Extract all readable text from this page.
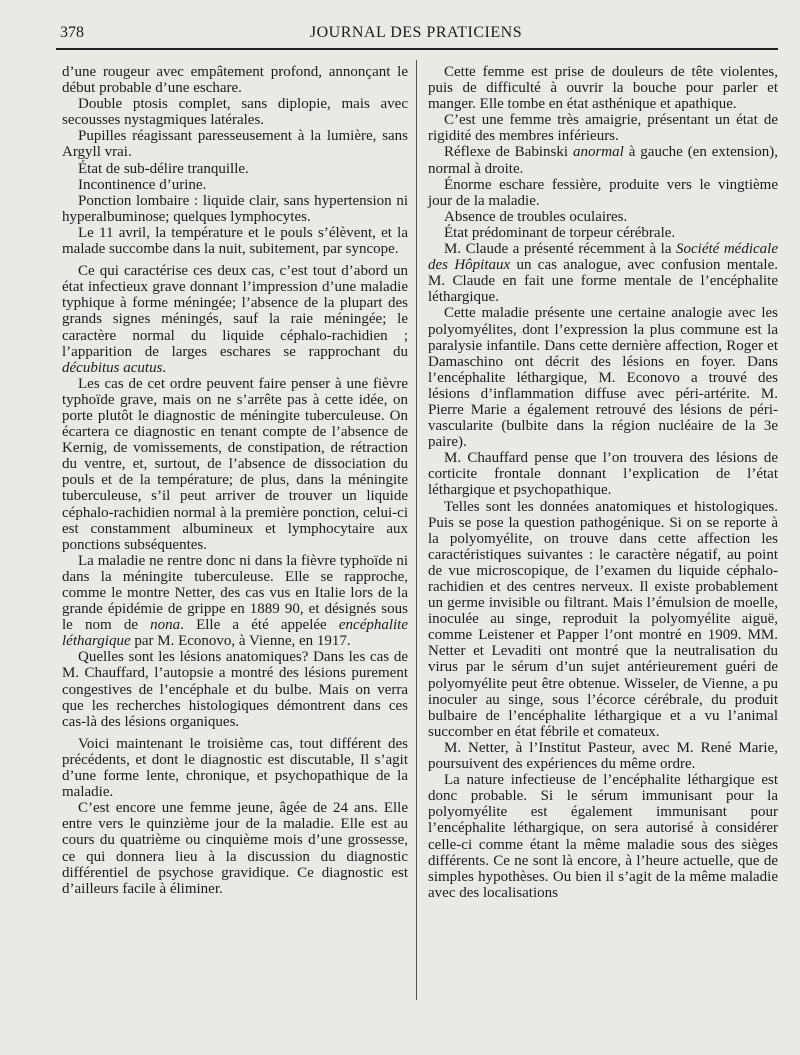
378	JOURNAL DES PRATICIENS

d’une rougeur avec empâtement profond, annonçant le début probable d’une eschare.

Double ptosis complet, sans diplopie, mais avec secousses nystagmiques latérales.

Pupilles réagissant paresseusement à la lumière, sans Argyll vrai.

État de sub-délire tranquille.

Incontinence d’urine.

Ponction lombaire : liquide clair, sans hypertension ni hyperalbuminose; quelques lymphocytes.

Le 11 avril, la température et le pouls s’élèvent, et la malade succombe dans la nuit, subitement, par syncope.

Ce qui caractérise ces deux cas, c’est tout d’abord un état infectieux grave donnant l’impression d’une maladie typhique à forme méningée; l’absence de la plupart des grands signes méningés, sauf la raie méningée; le caractère normal du liquide céphalo-rachidien ; l’apparition de larges eschares se rapprochant du décubitus acutus.

Les cas de cet ordre peuvent faire penser à une fièvre typhoïde grave, mais on ne s’arrête pas à cette idée, on porte plutôt le diagnostic de méningite tuberculeuse. On écartera ce diagnostic en tenant compte de l’absence de Kernig, de vomissements, de constipation, de rétraction du ventre, et, surtout, de l’absence de dissociation du pouls et de la température; de plus, dans la méningite tuberculeuse, s’il peut arriver de trouver un liquide céphalo-rachidien normal à la première ponction, celui-ci est constamment albumineux et lymphocytaire aux ponctions subséquentes.

La maladie ne rentre donc ni dans la fièvre typhoïde ni dans la méningite tuberculeuse. Elle se rapproche, comme le montre Netter, des cas vus en Italie lors de la grande épidémie de grippe en 1889 90, et désignés sous le nom de nona. Elle a été appelée encéphalite léthargique par M. Econovo, à Vienne, en 1917.

Quelles sont les lésions anatomiques? Dans les cas de M. Chauffard, l’autopsie a montré des lésions purement congestives de l’encéphale et du bulbe. Mais on verra que les recherches histologiques démontrent dans ces cas-là des lésions organiques.

Voici maintenant le troisième cas, tout différent des précédents, et dont le diagnostic est discutable, Il s’agit d’une forme lente, chronique, et psychopathique de la maladie.

C’est encore une femme jeune, âgée de 24 ans. Elle entre vers le quinzième jour de la maladie. Elle est au cours du quatrième ou cinquième mois d’une grossesse, ce qui donnera lieu à la discussion du diagnostic différentiel de psychose gravidique. Ce diagnostic est d’ailleurs facile à éliminer.

Cette femme est prise de douleurs de tête violentes, puis de difficulté à ouvrir la bouche pour parler et manger. Elle tombe en état asthénique et apathique.

C’est une femme très amaigrie, présentant un état de rigidité des membres inférieurs.

Réflexe de Babinski anormal à gauche (en extension), normal à droite.

Énorme eschare fessière, produite vers le vingtième jour de la maladie.

Absence de troubles oculaires.

État prédominant de torpeur cérébrale.

M. Claude a présenté récemment à la Société médicale des Hôpitaux un cas analogue, avec confusion mentale. M. Claude en fait une forme mentale de l’encéphalite léthargique.

Cette maladie présente une certaine analogie avec les polyomyélites, dont l’expression la plus commune est la paralysie infantile. Dans cette dernière affection, Roger et Damaschino ont décrit des lésions en foyer. Dans l’encéphalite léthargique, M. Econovo a trouvé des lésions d’inflammation diffuse avec péri-artérite. M. Pierre Marie a également retrouvé des lésions de péri-vascularite (bulbite dans la région nucléaire de la 3e paire).

M. Chauffard pense que l’on trouvera des lésions de corticite frontale donnant l’explication de l’état léthargique et psychopathique.

Telles sont les données anatomiques et histologiques. Puis se pose la question pathogénique. Si on se reporte à la polyomyélite, on trouve dans cette affection les caractéristiques suivantes : le caractère négatif, au point de vue microscopique, de l’examen du liquide céphalo-rachidien et des centres nerveux. Il existe probablement un germe invisible ou filtrant. Mais l’émulsion de moelle, inoculée au singe, reproduit la polyomyélite aiguë, comme Leistener et Papper l’ont montré en 1909. MM. Netter et Levaditi ont montré que la neutralisation du virus par le sérum d’un sujet antérieurement guéri de polyomyélite peut être obtenue. Wisseler, de Vienne, a pu inoculer au singe, sous l’écorce cérébrale, du produit bulbaire de l’encéphalite léthargique et a vu l’animal succomber en état fébrile et comateux.

M. Netter, à l’Institut Pasteur, avec M. René Marie, poursuivent des expériences du même ordre.

La nature infectieuse de l’encéphalite léthargique est donc probable. Si le sérum immunisant pour la polyomyélite est également immunisant pour l’encéphalite léthargique, on sera autorisé à considérer celle-ci comme étant la même maladie sous des sièges différents. Ce ne sont là encore, à l’heure actuelle, que de simples hypothèses. Ou bien il s’agit de la même maladie avec des localisations
